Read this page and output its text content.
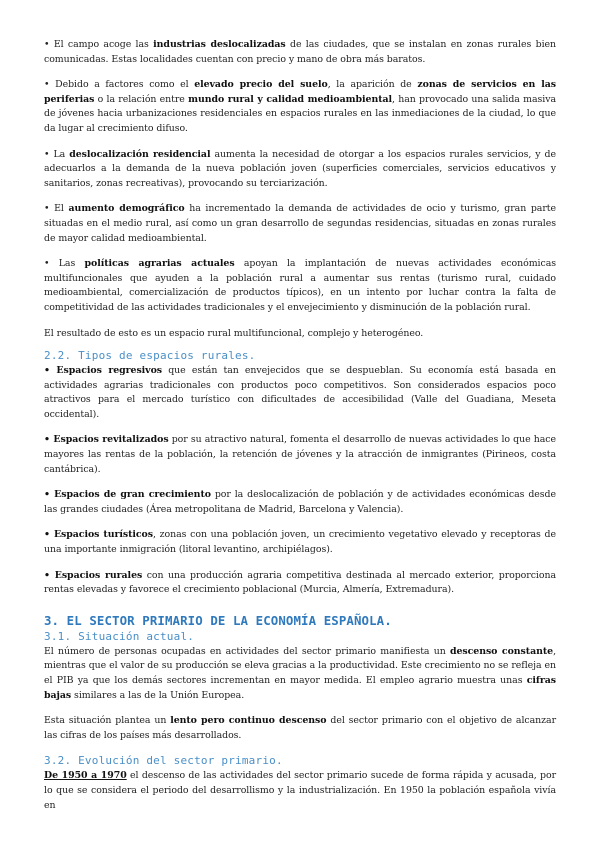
• El campo acoge las industrias deslocalizadas de las ciudades, que se instalan en zonas rurales bien comunicadas. Estas localidades cuentan con precio y mano de obra más baratos.

• Debido a factores como el elevado precio del suelo, la aparición de zonas de servicios en las periferias o la relación entre mundo rural y calidad medioambiental, han provocado una salida masiva de jóvenes hacia urbanizaciones residenciales en espacios rurales en las inmediaciones de la ciudad, lo que da lugar al crecimiento difuso.

• La deslocalización residencial aumenta la necesidad de otorgar a los espacios rurales servicios, y de adecuarlos a la demanda de la nueva población joven (superficies comerciales, servicios educativos y sanitarios, zonas recreativas), provocando su terciarización.

• El aumento demográfico ha incrementado la demanda de actividades de ocio y turismo, gran parte situadas en el medio rural, así como un gran desarrollo de segundas residencias, situadas en zonas rurales de mayor calidad medioambiental.

• Las políticas agrarias actuales apoyan la implantación de nuevas actividades económicas multifuncionales que ayuden a la población rural a aumentar sus rentas (turismo rural, cuidado medioambiental, comercialización de productos típicos), en un intento por luchar contra la falta de competitividad de las actividades tradicionales y el envejecimiento y disminución de la población rural.

El resultado de esto es un espacio rural multifuncional, complejo y heterogéneo.

2.2. Tipos de espacios rurales.

• Espacios regresivos que están tan envejecidos que se despueblan. Su economía está basada en actividades agrarias tradicionales con productos poco competitivos. Son considerados espacios poco atractivos para el mercado turístico con dificultades de accesibilidad (Valle del Guadiana, Meseta occidental).

• Espacios revitalizados por su atractivo natural, fomenta el desarrollo de nuevas actividades lo que hace mayores las rentas de la población, la retención de jóvenes y la atracción de inmigrantes (Pirineos, costa cantábrica).

• Espacios de gran crecimiento por la deslocalización de población y de actividades económicas desde las grandes ciudades (Área metropolitana de Madrid, Barcelona y Valencia).

• Espacios turísticos, zonas con una población joven, un crecimiento vegetativo elevado y receptoras de una importante inmigración (litoral levantino, archipiélagos).

• Espacios rurales con una producción agraria competitiva destinada al mercado exterior, proporciona rentas elevadas y favorece el crecimiento poblacional (Murcia, Almería, Extremadura).

3. EL SECTOR PRIMARIO DE LA ECONOMÍA ESPAÑOLA.
3.1. Situación actual.

El número de personas ocupadas en actividades del sector primario manifiesta un descenso constante, mientras que el valor de su producción se eleva gracias a la productividad. Este crecimiento no se refleja en el PIB ya que los demás sectores incrementan en mayor medida. El empleo agrario muestra unas cifras bajas similares a las de la Unión Europea.

Esta situación plantea un lento pero continuo descenso del sector primario con el objetivo de alcanzar las cifras de los países más desarrollados.

3.2. Evolución del sector primario.

De 1950 a 1970 el descenso de las actividades del sector primario sucede de forma rápida y acusada, por lo que se considera el periodo del desarrollismo y la industrialización. En 1950 la población española vivía en
